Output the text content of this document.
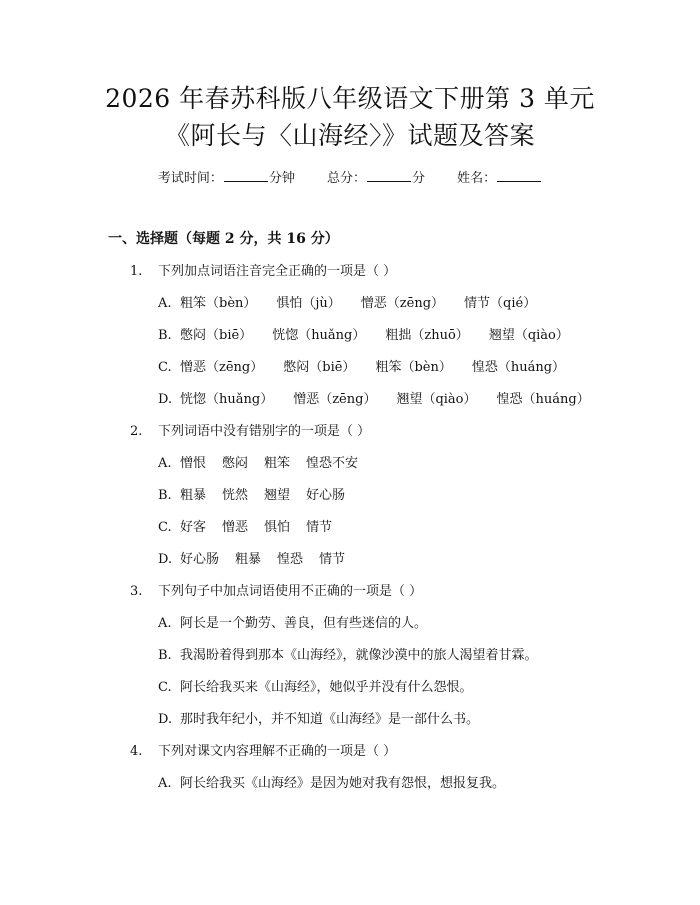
2026 年春苏科版八年级语文下册第 3 单元
《阿长与〈山海经〉》试题及答案
考试时间：	分钟 总分：	分 姓名：
一、选择题（每题 2 分，共 16 分）
1. 下列加点词语注音完全正确的一项是（ ）
A. 粗笨（bèn） 惧怕（jù） 憎恶（zēng） 情节（qié）
B. 憋闷（biē） 恍惚（huǎng） 粗拙（zhuō） 翘望（qiào）
C. 憎恶（zēng） 憋闷（biē） 粗笨（bèn） 惶恐（huáng）
D. 恍惚（huǎng） 憎恶（zēng） 翘望（qiào） 惶恐（huáng）
2. 下列词语中没有错别字的一项是（ ）
A. 憎恨 憋闷 粗笨 惶恐不安
B. 粗暴 恍然 翘望 好心肠
C. 好客 憎恶 惧怕 情节
D. 好心肠 粗暴 惶恐 情节
3. 下列句子中加点词语使用不正确的一项是（ ）
A. 阿长是一个勤劳、善良，但有些迷信的人。
B. 我渴盼着得到那本《山海经》，就像沙漠中的旅人渴望着甘霖。
C. 阿长给我买来《山海经》，她似乎并没有什么怨恨。
D. 那时我年纪小，并不知道《山海经》是一部什么书。
4. 下列对课文内容理解不正确的一项是（ ）
A. 阿长给我买《山海经》是因为她对我有怨恨，想报复我。
